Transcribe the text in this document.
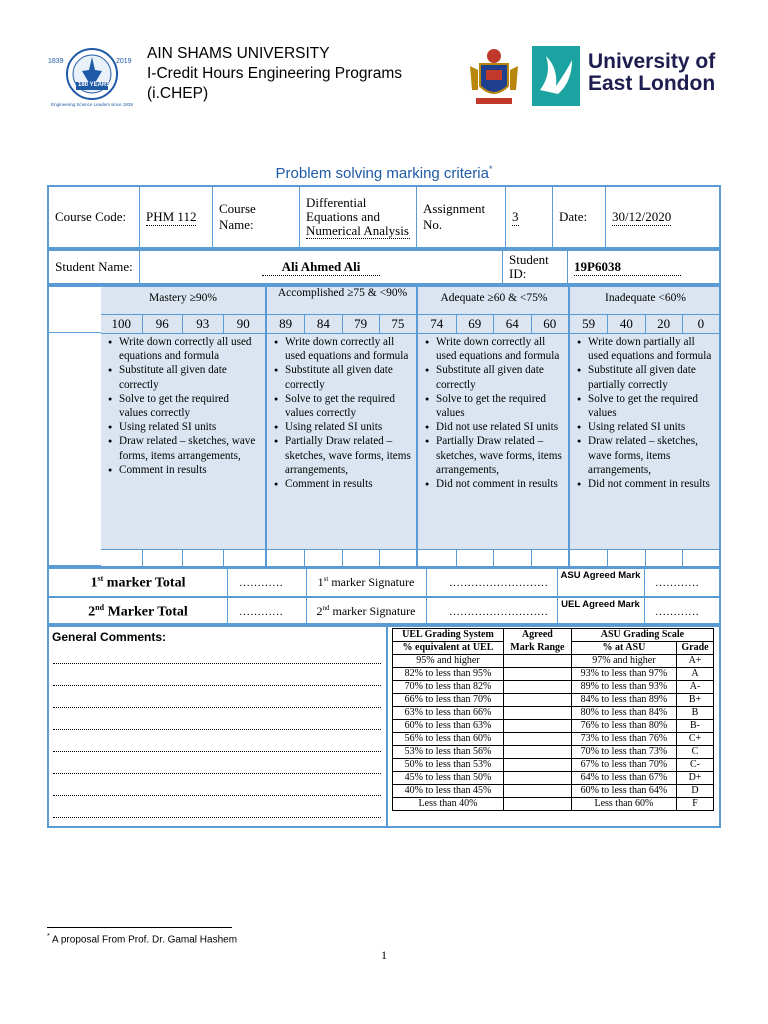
1839	2019
180 YEARS
Engineering Science Leaders since 1839
AIN SHAMS UNIVERSITY
I-Credit Hours Engineering Programs
(i.CHEP)
University of
East London
Problem solving marking criteria*
Course Code:	PHM 112	Course Name:	Differential Equations and Numerical Analysis	Assignment No.	3	Date:	30/12/2020
Student Name:	Ali Ahmed Ali	Student ID:	19P6038
Mastery ≥90%
100	96	93	90
● Write down correctly all used equations and formula
● Substitute all given date correctly
● Solve to get the required values correctly
● Using related SI units
● Draw related – sketches, wave forms, items arrangements,
● Comment in results
Accomplished ≥75 & <90%
89	84	79	75
● Write down correctly all used equations and formula
● Substitute all given date correctly
● Solve to get the required values correctly
● Using related SI units
● Partially Draw related – sketches, wave forms, items arrangements,
● Comment in results
Adequate ≥60 & <75%
74	69	64	60
● Write down correctly all used equations and formula
● Substitute all given date correctly
● Solve to get the required values
● Did not use related SI units
● Partially Draw related – sketches, wave forms, items arrangements,
● Did not comment in results
Inadequate <60%
59	40	20	0
● Write down partially all used equations and formula
● Substitute all given date partially correctly
● Solve to get the required values
● Using related SI units
● Draw related – sketches, wave forms, items arrangements,
● Did not comment in results
1st marker Total	…………	1st marker Signature	………………………
ASU Agreed Mark
…………
2nd Marker Total	…………	2nd marker Signature	………………………
UEL Agreed Mark
…………
General Comments:	UEL Grading System	Agreed	ASU Grading Scale	
% equivalent at UEL	Mark Range	% at ASU	Grade
95% and higher		97% and higher	A+
82% to less than 95%		93% to less than 97%	A
70% to less than 82%		89% to less than 93%	A-
66% to less than 70%		84% to less than 89%	B+
63% to less than 66%		80% to less than 84%	B
60% to less than 63%		76% to less than 80%	B-
56% to less than 60%		73% to less than 76%	C+
53% to less than 56%		70% to less than 73%	C
50% to less than 53%		67% to less than 70%	C-
45% to less than 50%		64% to less than 67%	D+
40% to less than 45%		60% to less than 64%	D
Less than 40%		Less than 60%	F
* A proposal From Prof. Dr. Gamal Hashem
1
